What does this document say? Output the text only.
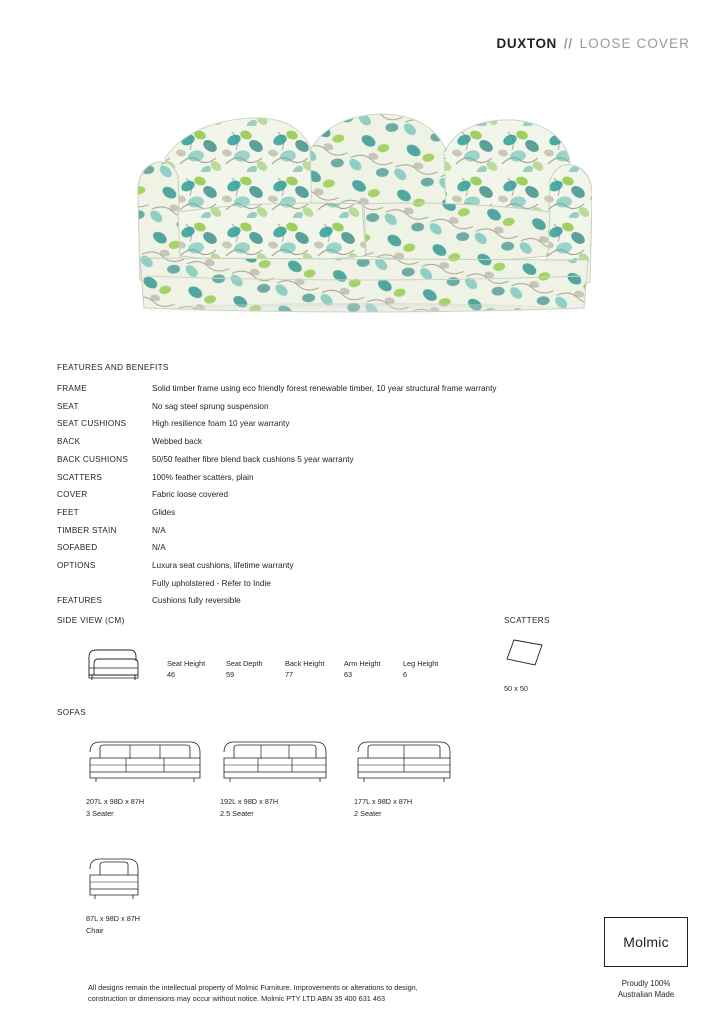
DUXTON // LOOSE COVER
FEATURES AND BENEFITS
FRAME	Solid timber frame using eco friendly forest renewable timber, 10 year structural frame warranty
SEAT	No sag steel sprung suspension
SEAT CUSHIONS	High resilience foam 10 year warranty
BACK	Webbed back
BACK CUSHIONS	50/50 feather fibre blend back cushions 5 year warranty
SCATTERS	100% feather scatters, plain
COVER	Fabric loose covered
FEET	Glides
TIMBER STAIN	N/A
SOFABED	N/A
OPTIONS	Luxura seat cushions, lifetime warranty
Fully upholstered - Refer to Indie
FEATURES	Cushions fully reversible
SIDE VIEW (CM)
Seat Height
46
Seat Depth
59
Back Height
77
Arm Height
63
Leg Height
6
SCATTERS
50 x 50
SOFAS
207L x 98D x 87H
3 Seater
192L x 98D x 87H
2.5 Seater
177L x 98D x 87H
2 Seater
87L x 98D x 87H
Chair
Molmic
Proudly 100%
Australian Made
All designs remain the intellectual property of Molmic Furniture. Improvements or alterations to design,
construction or dimensions may occur without notice. Molmic PTY LTD ABN 35 400 631 463
